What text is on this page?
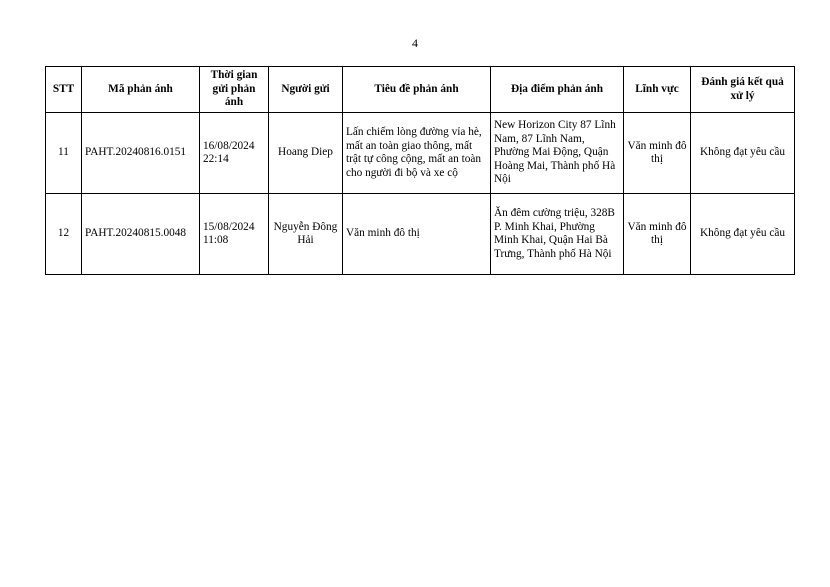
4
STT	Mã phản ánh	Thời gian gửi phản ánh	Người gửi	Tiêu đề phản ánh	Địa điểm phản ánh	Lĩnh vực	Đánh giá kết quả xử lý
11	PAHT.20240816.0151	16/08/2024 22:14	Hoang Diep	Lấn chiếm lòng đường vỉa hè, mất an toàn giao thông, mất trật tự công cộng, mất an toàn cho người đi bộ và xe cộ	New Horizon City 87 Lĩnh Nam, 87 Lĩnh Nam, Phường Mai Động, Quận Hoàng Mai, Thành phố Hà Nội	Văn minh đô thị	Không đạt yêu cầu
12	PAHT.20240815.0048	15/08/2024 11:08	Nguyễn Đông Hải	Văn minh đô thị	Ăn đêm cường triệu, 328B P. Minh Khai, Phường Minh Khai, Quận Hai Bà Trưng, Thành phố Hà Nội	Văn minh đô thị	Không đạt yêu cầu
